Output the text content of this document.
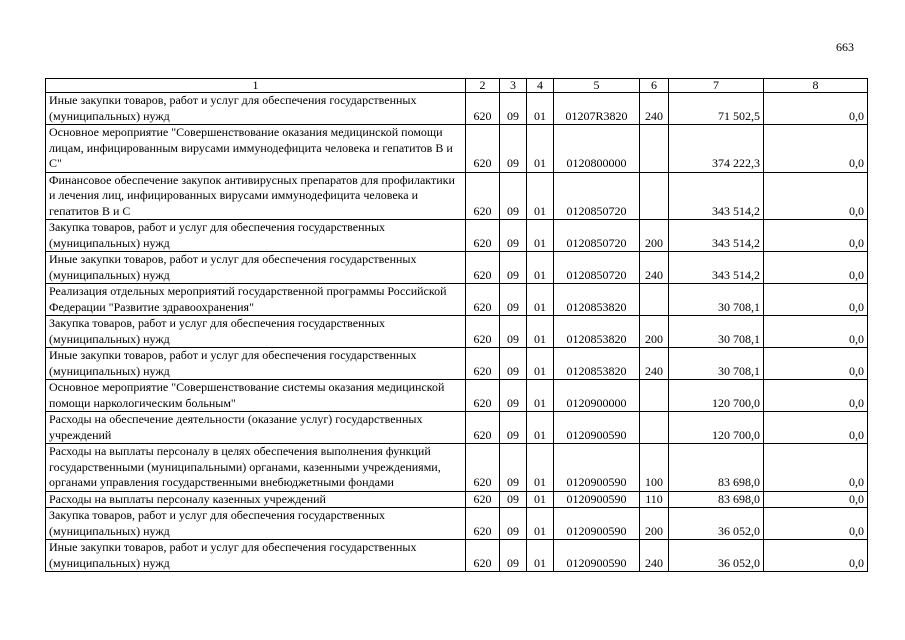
663
1	2	3	4	5	6	7	8
Иные закупки товаров, работ и услуг для обеспечения государственных (муниципальных) нужд	620	09	01	01207R3820	240	71 502,5	0,0
Основное мероприятие "Совершенствование оказания медицинской помощи лицам, инфицированным вирусами иммунодефицита человека и гепатитов В и С"	620	09	01	0120800000		374 222,3	0,0
Финансовое обеспечение закупок антивирусных препаратов для профилактики и лечения лиц, инфицированных вирусами иммунодефицита человека и гепатитов В и С	620	09	01	0120850720		343 514,2	0,0
Закупка товаров, работ и услуг для обеспечения государственных (муниципальных) нужд	620	09	01	0120850720	200	343 514,2	0,0
Иные закупки товаров, работ и услуг для обеспечения государственных (муниципальных) нужд	620	09	01	0120850720	240	343 514,2	0,0
Реализация отдельных мероприятий государственной программы Российской Федерации "Развитие здравоохранения"	620	09	01	0120853820		30 708,1	0,0
Закупка товаров, работ и услуг для обеспечения государственных (муниципальных) нужд	620	09	01	0120853820	200	30 708,1	0,0
Иные закупки товаров, работ и услуг для обеспечения государственных (муниципальных) нужд	620	09	01	0120853820	240	30 708,1	0,0
Основное мероприятие "Совершенствование системы оказания медицинской помощи наркологическим больным"	620	09	01	0120900000		120 700,0	0,0
Расходы на обеспечение деятельности (оказание услуг) государственных учреждений	620	09	01	0120900590		120 700,0	0,0
Расходы на выплаты персоналу в целях обеспечения выполнения функций государственными (муниципальными) органами, казенными учреждениями, органами управления государственными внебюджетными фондами	620	09	01	0120900590	100	83 698,0	0,0
Расходы на выплаты персоналу казенных учреждений	620	09	01	0120900590	110	83 698,0	0,0
Закупка товаров, работ и услуг для обеспечения государственных (муниципальных) нужд	620	09	01	0120900590	200	36 052,0	0,0
Иные закупки товаров, работ и услуг для обеспечения государственных (муниципальных) нужд	620	09	01	0120900590	240	36 052,0	0,0
